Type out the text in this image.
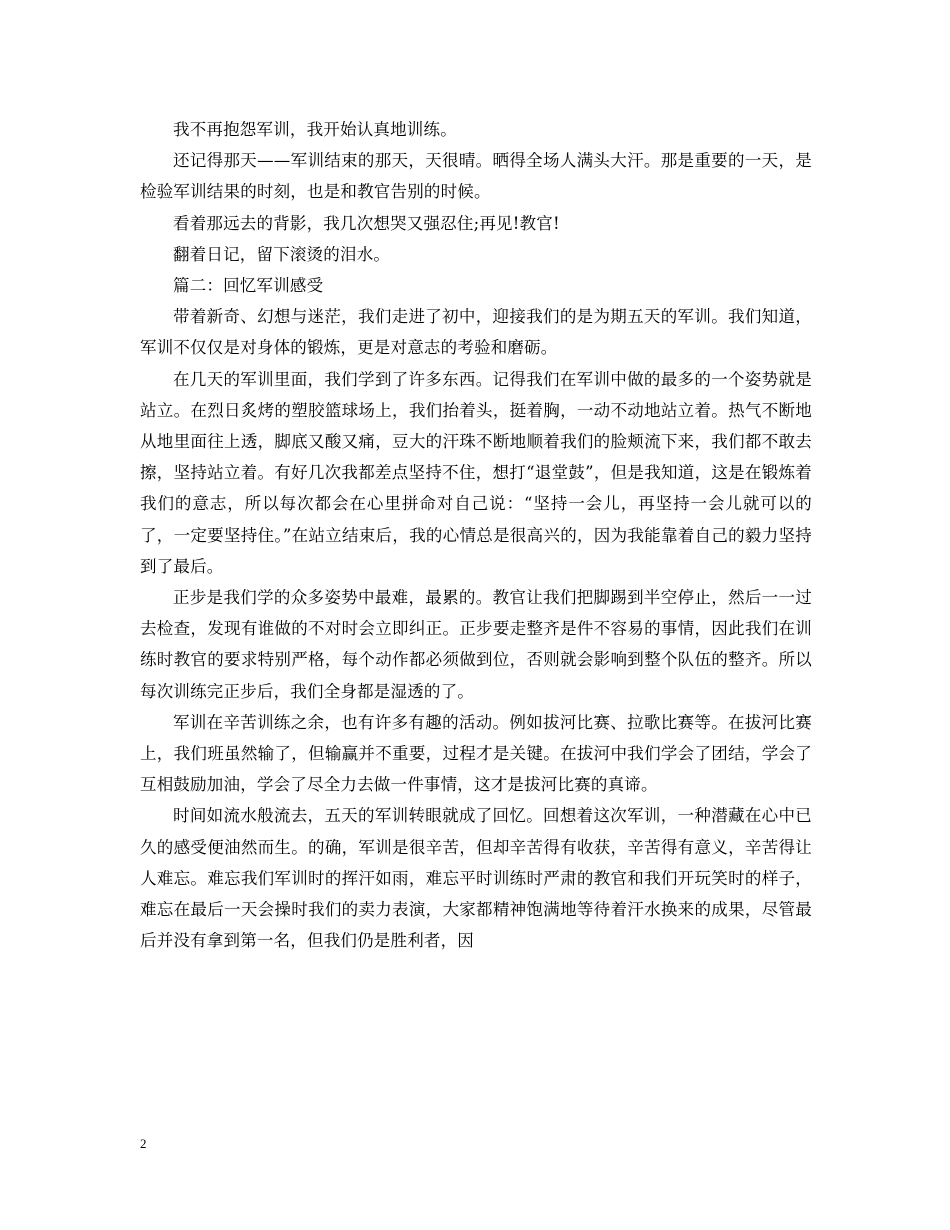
我不再抱怨军训，我开始认真地训练。

还记得那天——军训结束的那天，天很晴。晒得全场人满头大汗。那是重要的一天，是检验军训结果的时刻，也是和教官告别的时候。

看着那远去的背影，我几次想哭又强忍住;再见!教官!

翻着日记，留下滚烫的泪水。

篇二：回忆军训感受

带着新奇、幻想与迷茫，我们走进了初中，迎接我们的是为期五天的军训。我们知道，军训不仅仅是对身体的锻炼，更是对意志的考验和磨砺。

在几天的军训里面，我们学到了许多东西。记得我们在军训中做的最多的一个姿势就是站立。在烈日炙烤的塑胶篮球场上，我们抬着头，挺着胸，一动不动地站立着。热气不断地从地里面往上透，脚底又酸又痛，豆大的汗珠不断地顺着我们的脸颊流下来，我们都不敢去擦，坚持站立着。有好几次我都差点坚持不住，想打“退堂鼓”，但是我知道，这是在锻炼着我们的意志，所以每次都会在心里拼命对自己说：“坚持一会儿，再坚持一会儿就可以的了，一定要坚持住。”在站立结束后，我的心情总是很高兴的，因为我能靠着自己的毅力坚持到了最后。

正步是我们学的众多姿势中最难，最累的。教官让我们把脚踢到半空停止，然后一一过去检查，发现有谁做的不对时会立即纠正。正步要走整齐是件不容易的事情，因此我们在训练时教官的要求特别严格，每个动作都必须做到位，否则就会影响到整个队伍的整齐。所以每次训练完正步后，我们全身都是湿透的了。

军训在辛苦训练之余，也有许多有趣的活动。例如拔河比赛、拉歌比赛等。在拔河比赛上，我们班虽然输了，但输赢并不重要，过程才是关键。在拔河中我们学会了团结，学会了互相鼓励加油，学会了尽全力去做一件事情，这才是拔河比赛的真谛。

时间如流水般流去，五天的军训转眼就成了回忆。回想着这次军训，一种潜藏在心中已久的感受便油然而生。的确，军训是很辛苦，但却辛苦得有收获，辛苦得有意义，辛苦得让人难忘。难忘我们军训时的挥汗如雨，难忘平时训练时严肃的教官和我们开玩笑时的样子，难忘在最后一天会操时我们的卖力表演，大家都精神饱满地等待着汗水换来的成果，尽管最后并没有拿到第一名，但我们仍是胜利者，因

2
